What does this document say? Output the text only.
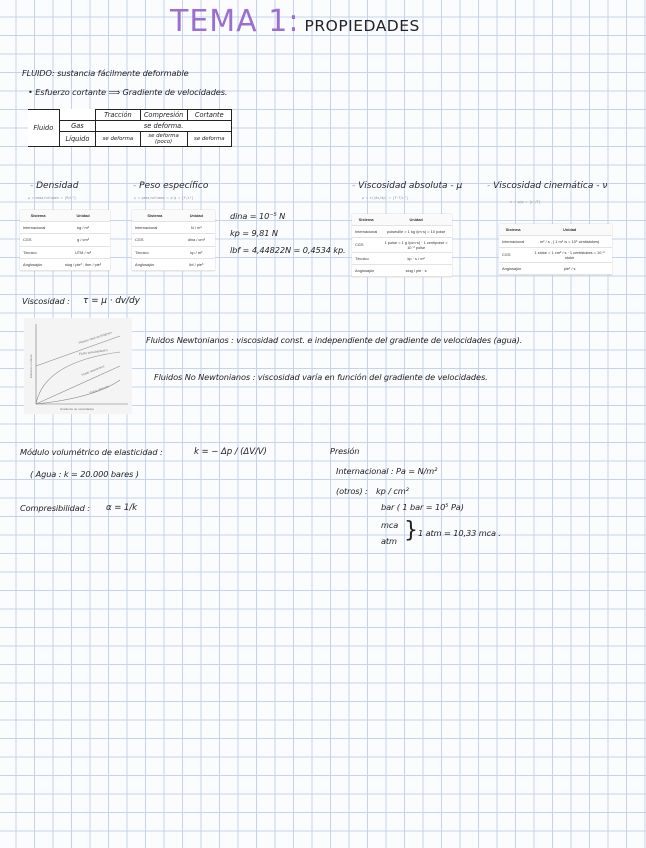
TEMA 1: PROPIEDADES
FLUIDO: sustancia fácilmente deformable
• Esfuerzo cortante ⟹ Gradiente de velocidades.
Fluido		Tracción	Compresión	Cortante
	Gas	se deforma.		
	Líquido	se deforma	se deforma (poco)	se deforma
- Densidad
ρ = masa/volumen = [M/L³]
Sistema	Unidad
Internacional	kg / m³
CGS	g / cm³
Técnico	UTM / m³
Anglosajón	slug / pie³ , lbm / pie³
- Peso específico
γ = peso/volumen = ρ·g = [F/L³]
Sistema	Unidad
Internacional	N / m³
CGS	dina / cm³
Técnico	kp / m³
Anglosajón	lbf / pie³
dina = 10⁻⁵ N
kp = 9,81 N
lbf = 4,44822N = 0,4534 kp.
- Viscosidad absoluta - μ
μ = τ/(dv/dy) = [F·T/L²]
Sistema	Unidad
Internacional	poiseuille = 1 kg /(m·s) = 10 poise
CGS	1 poise = 1 g /(cm·s) · 1 centipoise = 10⁻² poise
Técnico	kp · s / m²
Anglosajón	slug / pie · s
- Viscosidad cinemática - ν
ν = μ/ρ = [L²/T]
Sistema	Unidad
Internacional	m² / s , ( 1 m² /s = 10⁶ centistokes)
CGS	1 stoke = 1 cm² / s · 1 centistokes = 10⁻² stoke
Anglosajón	pie² / s
Viscosidad : τ = μ · dv/dy
Plástico ideal de Bingham
Fluido pseudoplástico
Fluido newtoniano
Fluido dilatante
Esfuerzo cortante
Gradiente de velocidades
Fluidos Newtonianos : viscosidad const. e independiente del gradiente de velocidades (agua).
Fluidos No Newtonianos : viscosidad varía en función del gradiente de velocidades.
Módulo volumétrico de elasticidad :	k = − Δp / (ΔV/V)
( Agua : k = 20.000 bares )
Compresibilidad : α = 1/k
Presión
Internacional : Pa = N/m²
(otros) : kp / cm²
bar ( 1 bar = 10⁵ Pa)
mca
atm } 1 atm = 10,33 mca .
